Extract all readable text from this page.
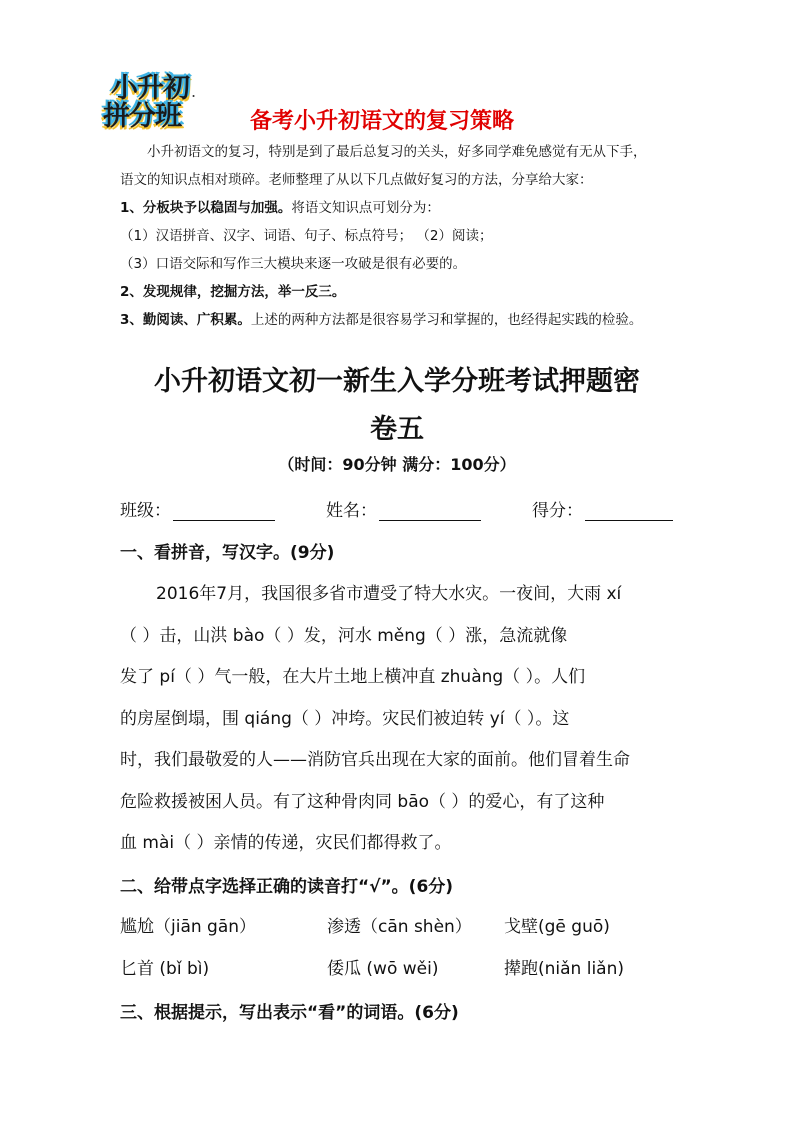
小升初 .
拼分班	备考小升初语文的复习策略

小升初语文的复习，特别是到了最后总复习的关头，好多同学难免感觉有无从下手，

语文的知识点相对琐碎。老师整理了从以下几点做好复习的方法，分享给大家：

1、分板块予以稳固与加强。将语文知识点可划分为：

（1）汉语拼音、汉字、词语、句子、标点符号； （2）阅读；

（3）口语交际和写作三大模块来逐一攻破是很有必要的。

2、发现规律，挖掘方法，举一反三。

3、勤阅读、广积累。上述的两种方法都是很容易学习和掌握的，也经得起实践的检验。

小升初语文初一新生入学分班考试押题密
卷五
（时间：90分钟 满分：100分）
班级：	姓名：	得分：
一、看拼音，写汉字。(9分)
2016年7月，我国很多省市遭受了特大水灾。一夜间，大雨 xí
（ ）击，山洪 bào（ ）发，河水 měng（ ）涨，急流就像
发了 pí（ ）气一般，在大片土地上横冲直 zhuàng（ ）。人们
的房屋倒塌，围 qiáng（ ）冲垮。灾民们被迫转 yí（ ）。这
时，我们最敬爱的人——消防官兵出现在大家的面前。他们冒着生命
危险救援被困人员。有了这种骨肉同 bāo（ ）的爱心，有了这种
血 mài（ ）亲情的传递，灾民们都得救了。
二、给带点字选择正确的读音打“√”。(6分)
尴尬（jiān gān）	渗透（cān shèn） 戈壁(gē guō)
匕首 (bǐ bì)	倭瓜 (wō wěi)	撵跑(niǎn liǎn)
三、根据提示，写出表示“看”的词语。(6分)
